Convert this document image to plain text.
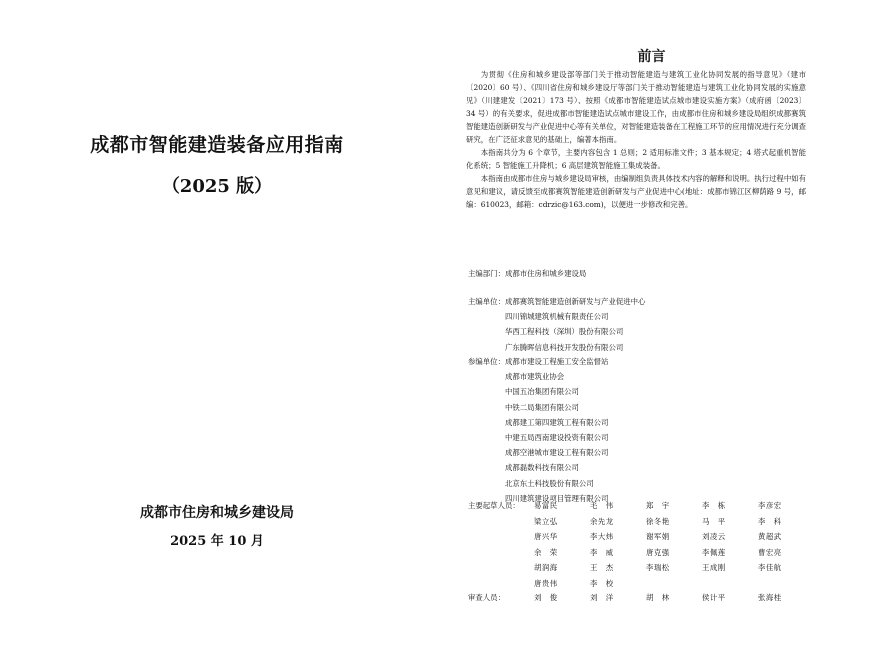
成都市智能建造装备应用指南
（2025 版）
成都市住房和城乡建设局
2025 年 10 月
前言

为贯彻《住房和城乡建设部等部门关于推动智能建造与建筑工业化协同发展的指导意见》（建市〔2020〕60 号）、《四川省住房和城乡建设厅等部门关于推动智能建造与建筑工业化协同发展的实施意见》（川建建发〔2021〕173 号）、按照《成都市智能建造试点城市建设实施方案》（成府函〔2023〕34 号）的有关要求，促进成都市智能建造试点城市建设工作，由成都市住房和城乡建设局组织成都赛筑智能建造创新研发与产业促进中心等有关单位，对智能建造装备在工程施工环节的应用情况进行充分调查研究，在广泛征求意见的基础上，编著本指南。

本指南共分为 6 个章节，主要内容包含 1 总则；2 适用标准文件；3 基本规定；4 塔式起重机智能化系统；5 智能施工升降机；6 高层建筑智能施工集成装备。

本指南由成都市住房与城乡建设局审核，由编制组负责具体技术内容的解释和说明。执行过程中如有意见和建议，请反馈至成都赛筑智能建造创新研发与产业促进中心(地址：成都市锦江区柳荫路 9 号，邮编：610023，邮箱：cdrzic@163.com)，以便进一步修改和完善。

主编部门： 成都市住房和城乡建设局
主编单位： 成都赛筑智能建造创新研发与产业促进中心
四川锦城建筑机械有限责任公司
华西工程科技（深圳）股份有限公司
广东腾晖信息科技开发股份有限公司
参编单位： 成都市建设工程施工安全监督站
成都市建筑业协会
中国五冶集团有限公司
中铁二局集团有限公司
成都建工第四建筑工程有限公司
中建五局西南建设投资有限公司
成都空港城市建设工程有限公司
成都磊数科技有限公司
北京东土科技股份有限公司
四川建筑建设项目管理有限公司
主要起草人员：	易富民	毛　伟	郑　宇	李　栋	李彦宏
梁立弘	余先龙	徐冬艳	马　平	李　科
唐兴华	李大炜	谢军娟	刘凌云	黄超武
余　荣	李　威	唐克强	李佩莲	曹宏亮
胡润海	王　杰	李瑞松	王成刚	李佳航
唐贵伟	李　校
审查人员：	刘　俊	刘　洋	胡　林	侯计平	张海桂
